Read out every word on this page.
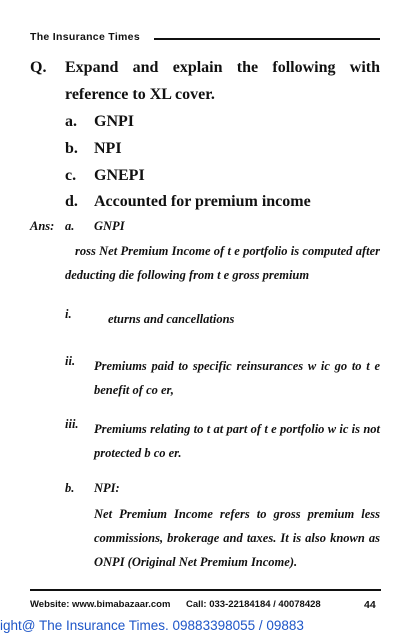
The Insurance Times
Q. Expand and explain the following with
reference to XL cover.
a. GNPI
b. NPI
c. GNEPI
d. Accounted for premium income
Ans: a. GNPI
ross Net Premium Income of t e portfolio is computed after deducting die following from t e gross premium
i.	eturns and cancellations
ii. Premiums paid to specific reinsurances w ic go to t e benefit of co er,
iii. Premiums relating to t at part of t e portfolio w ic is not protected b co er.
b. NPI:
Net Premium Income refers to gross premium less commissions, brokerage and taxes. It is also known as ONPI (Original Net Premium Income).
Website: www.bimabazaar.com Call: 033-22184184 / 40078428	44
ight@ The Insurance Times. 09883398055 / 09883
